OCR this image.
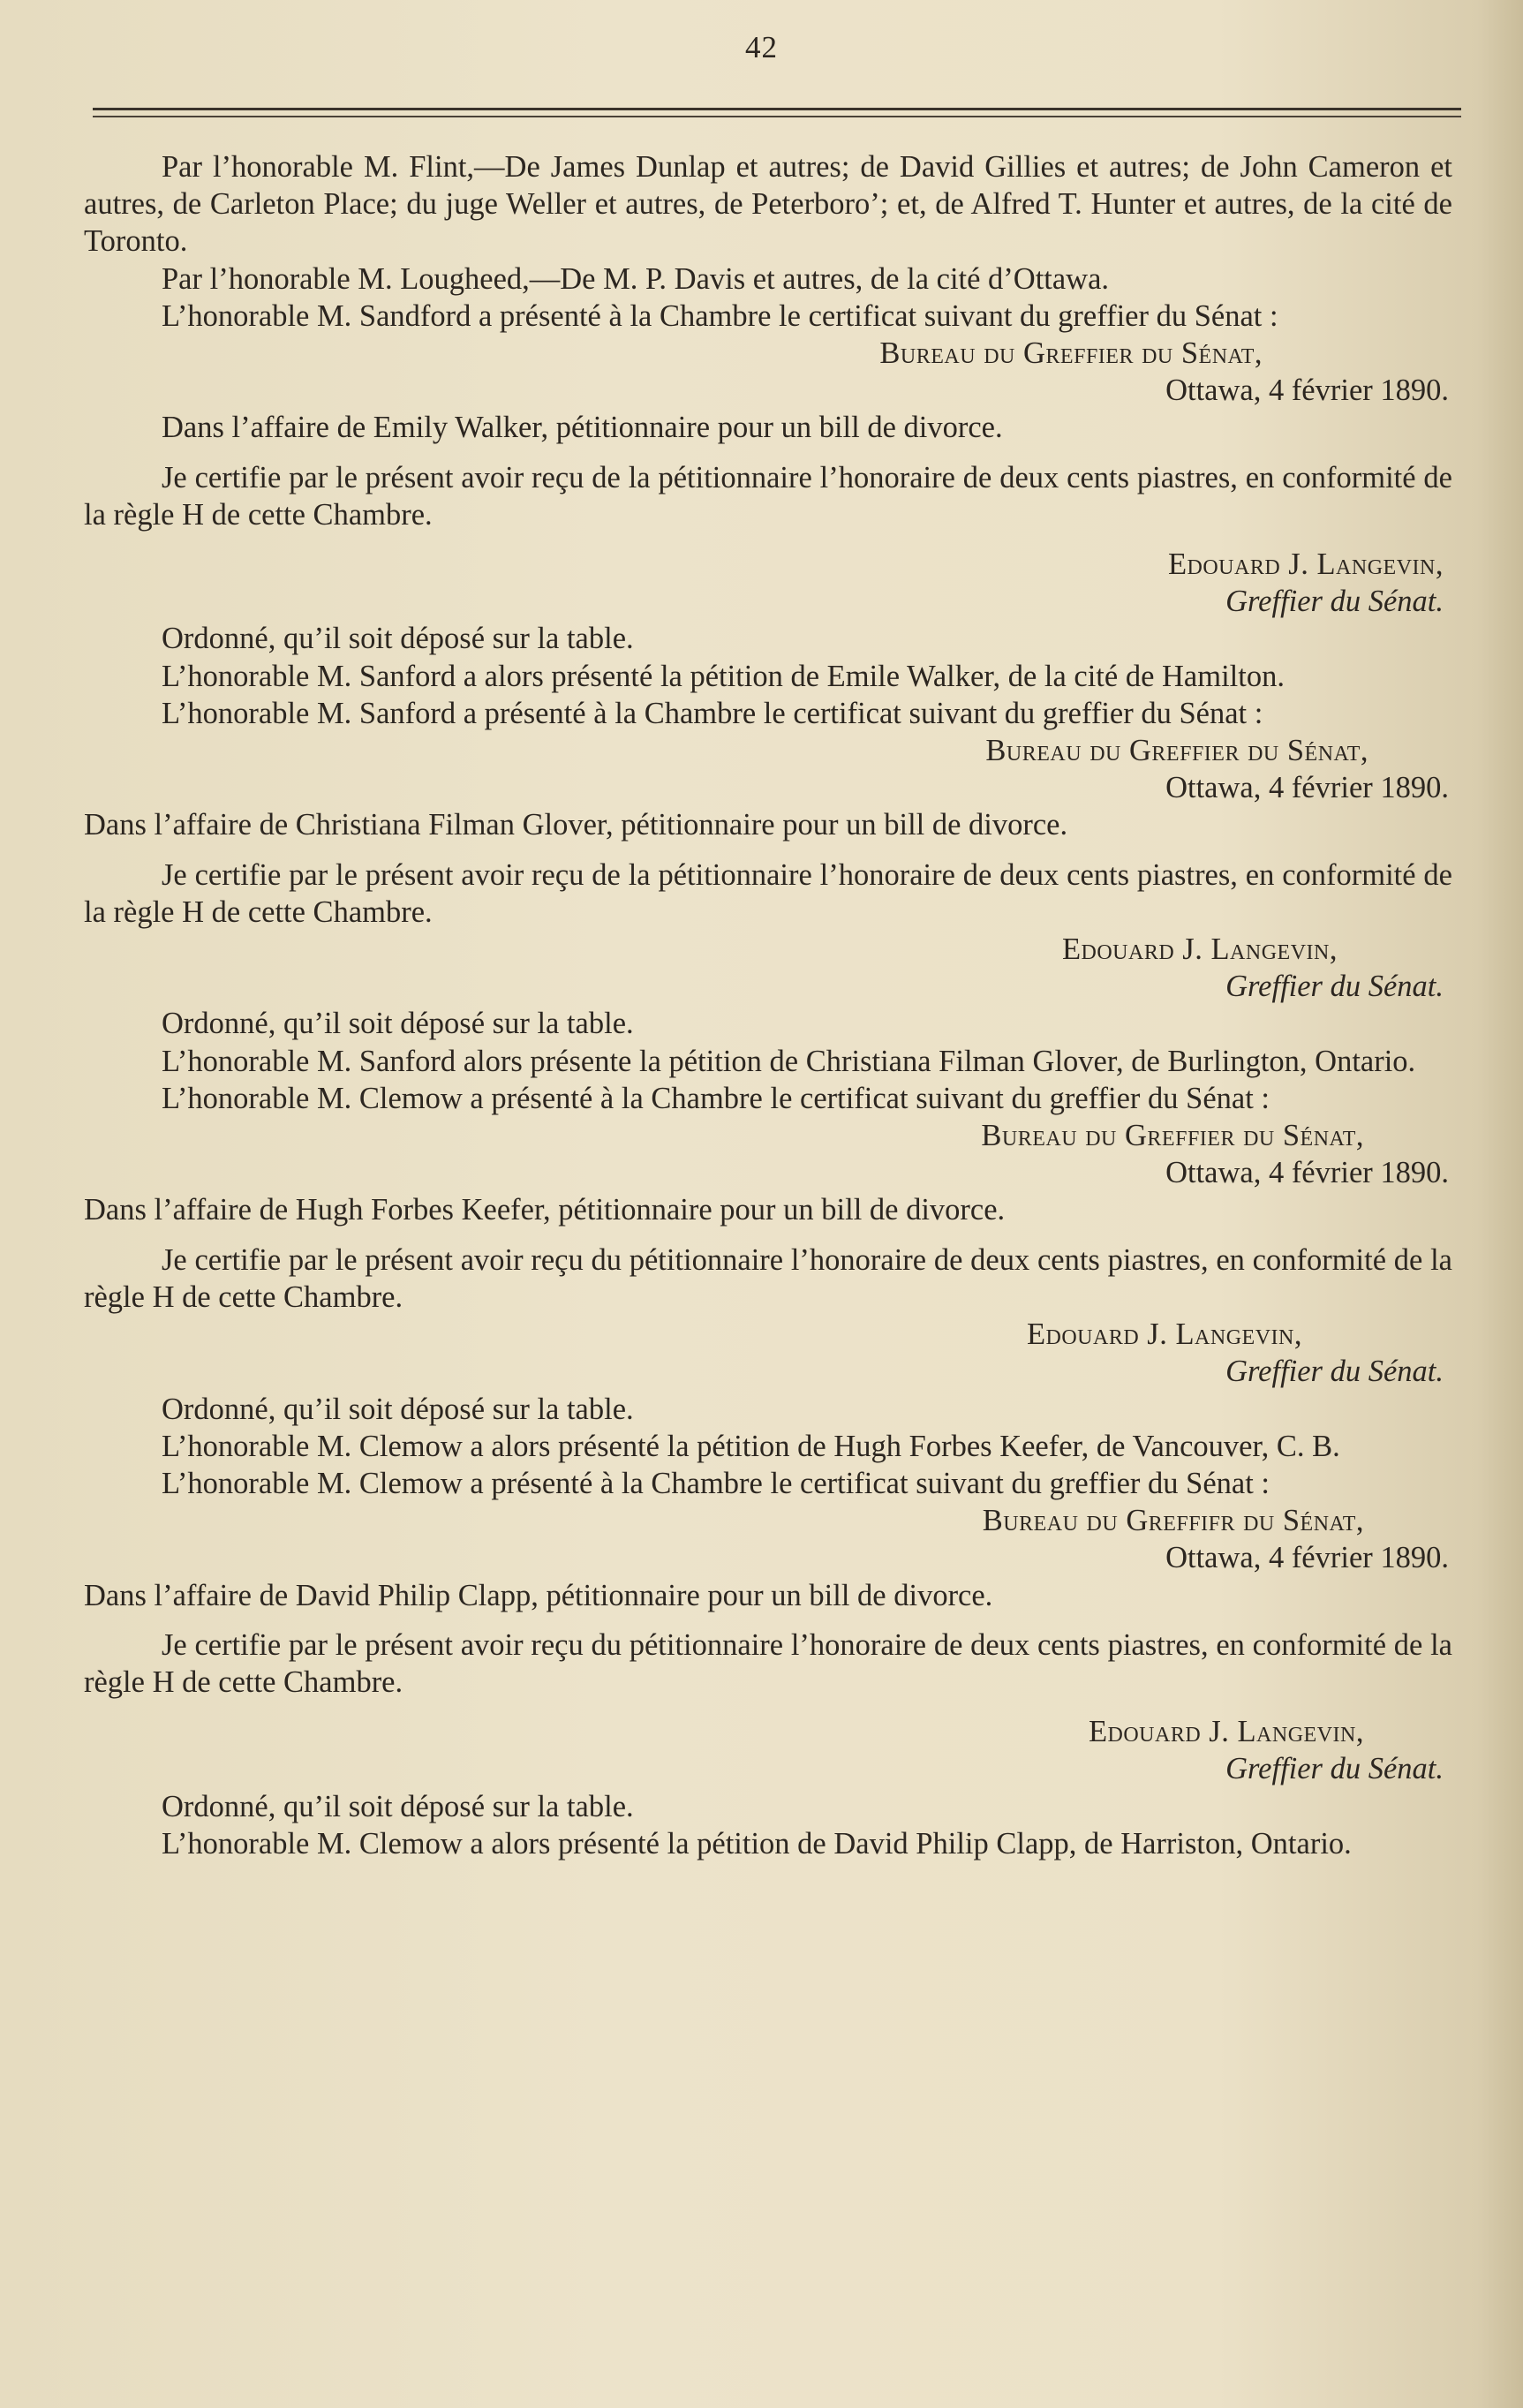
42

Par l’honorable M. Flint,—De James Dunlap et autres; de David Gillies et autres; de John Cameron et autres, de Carleton Place; du juge Weller et autres, de Peterboro’; et, de Alfred T. Hunter et autres, de la cité de Toronto.

Par l’honorable M. Lougheed,—De M. P. Davis et autres, de la cité d’Ottawa.

L’honorable M. Sandford a présenté à la Chambre le certificat suivant du greffier du Sénat :

Bureau du Greffier du Sénat,

Ottawa, 4 février 1890.

Dans l’affaire de Emily Walker, pétitionnaire pour un bill de divorce.

Je certifie par le présent avoir reçu de la pétitionnaire l’honoraire de deux cents piastres, en conformité de la règle H de cette Chambre.

Edouard J. Langevin,

Greffier du Sénat.

Ordonné, qu’il soit déposé sur la table.

L’honorable M. Sanford a alors présenté la pétition de Emile Walker, de la cité de Hamilton.

L’honorable M. Sanford a présenté à la Chambre le certificat suivant du greffier du Sénat :

Bureau du Greffier du Sénat,

Ottawa, 4 février 1890.

Dans l’affaire de Christiana Filman Glover, pétitionnaire pour un bill de divorce.

Je certifie par le présent avoir reçu de la pétitionnaire l’honoraire de deux cents piastres, en conformité de la règle H de cette Chambre.

Edouard J. Langevin,

Greffier du Sénat.

Ordonné, qu’il soit déposé sur la table.

L’honorable M. Sanford alors présente la pétition de Christiana Filman Glover, de Burlington, Ontario.

L’honorable M. Clemow a présenté à la Chambre le certificat suivant du greffier du Sénat :

Bureau du Greffier du Sénat,

Ottawa, 4 février 1890.

Dans l’affaire de Hugh Forbes Keefer, pétitionnaire pour un bill de divorce.

Je certifie par le présent avoir reçu du pétitionnaire l’honoraire de deux cents piastres, en conformité de la règle H de cette Chambre.

Edouard J. Langevin,

Greffier du Sénat.

Ordonné, qu’il soit déposé sur la table.

L’honorable M. Clemow a alors présenté la pétition de Hugh Forbes Keefer, de Vancouver, C. B.

L’honorable M. Clemow a présenté à la Chambre le certificat suivant du greffier du Sénat :

Bureau du Greffifr du Sénat,

Ottawa, 4 février 1890.

Dans l’affaire de David Philip Clapp, pétitionnaire pour un bill de divorce.

Je certifie par le présent avoir reçu du pétitionnaire l’honoraire de deux cents piastres, en conformité de la règle H de cette Chambre.

Edouard J. Langevin,

Greffier du Sénat.

Ordonné, qu’il soit déposé sur la table.

L’honorable M. Clemow a alors présenté la pétition de David Philip Clapp, de Harriston, Ontario.
